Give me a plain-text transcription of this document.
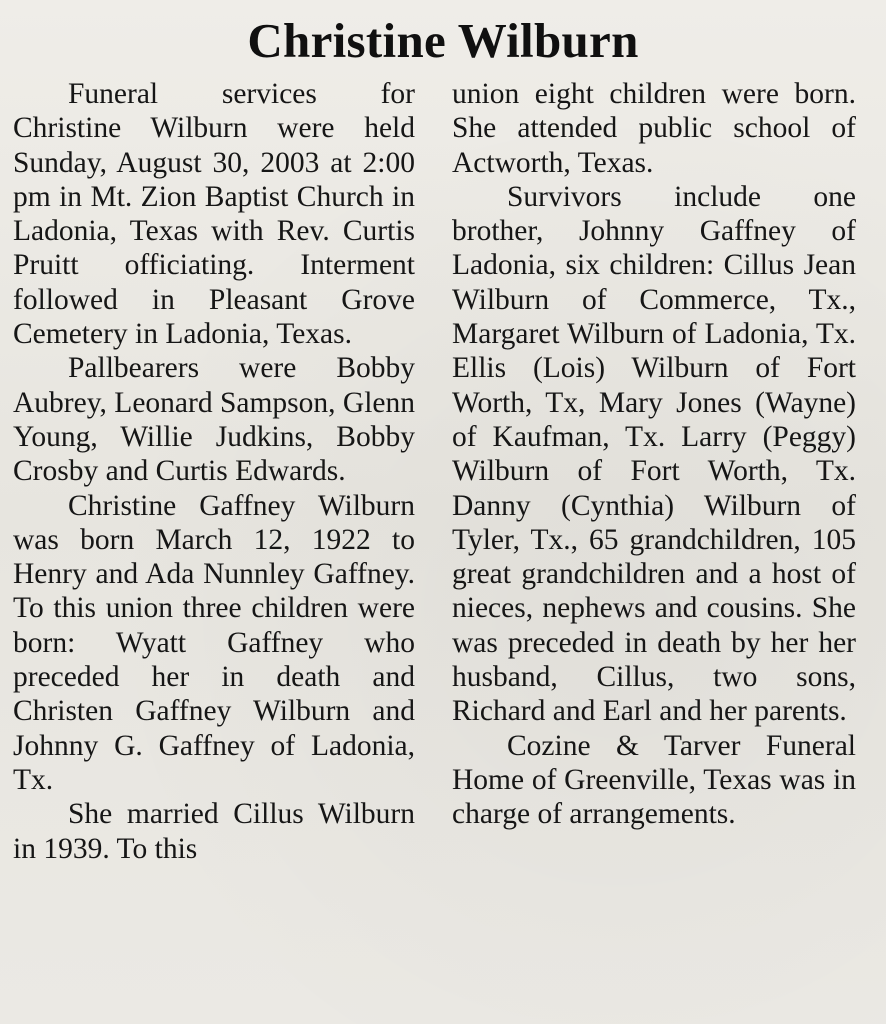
Christine Wilburn

Funeral services for Christine Wilburn were held Sunday, August 30, 2003 at 2:00 pm in Mt. Zion Baptist Church in Ladonia, Texas with Rev. Curtis Pruitt officiating. Interment followed in Pleasant Grove Cemetery in Ladonia, Texas.

Pallbearers were Bobby Aubrey, Leonard Sampson, Glenn Young, Willie Judkins, Bobby Crosby and Curtis Edwards.

Christine Gaffney Wilburn was born March 12, 1922 to Henry and Ada Nunnley Gaffney. To this union three children were born: Wyatt Gaffney who preceded her in death and Christen Gaffney Wilburn and Johnny G. Gaffney of Ladonia, Tx.

She married Cillus Wilburn in 1939. To this

union eight children were born. She attended public school of Actworth, Texas.

Survivors include one brother, Johnny Gaffney of Ladonia, six children: Cillus Jean Wilburn of Commerce, Tx., Margaret Wilburn of Ladonia, Tx. Ellis (Lois) Wilburn of Fort Worth, Tx, Mary Jones (Wayne) of Kaufman, Tx. Larry (Peggy) Wilburn of Fort Worth, Tx. Danny (Cynthia) Wilburn of Tyler, Tx., 65 grandchildren, 105 great grandchildren and a host of nieces, nephews and cousins. She was preceded in death by her her husband, Cillus, two sons, Richard and Earl and her parents.

Cozine & Tarver Funeral Home of Greenville, Texas was in charge of arrangements.
